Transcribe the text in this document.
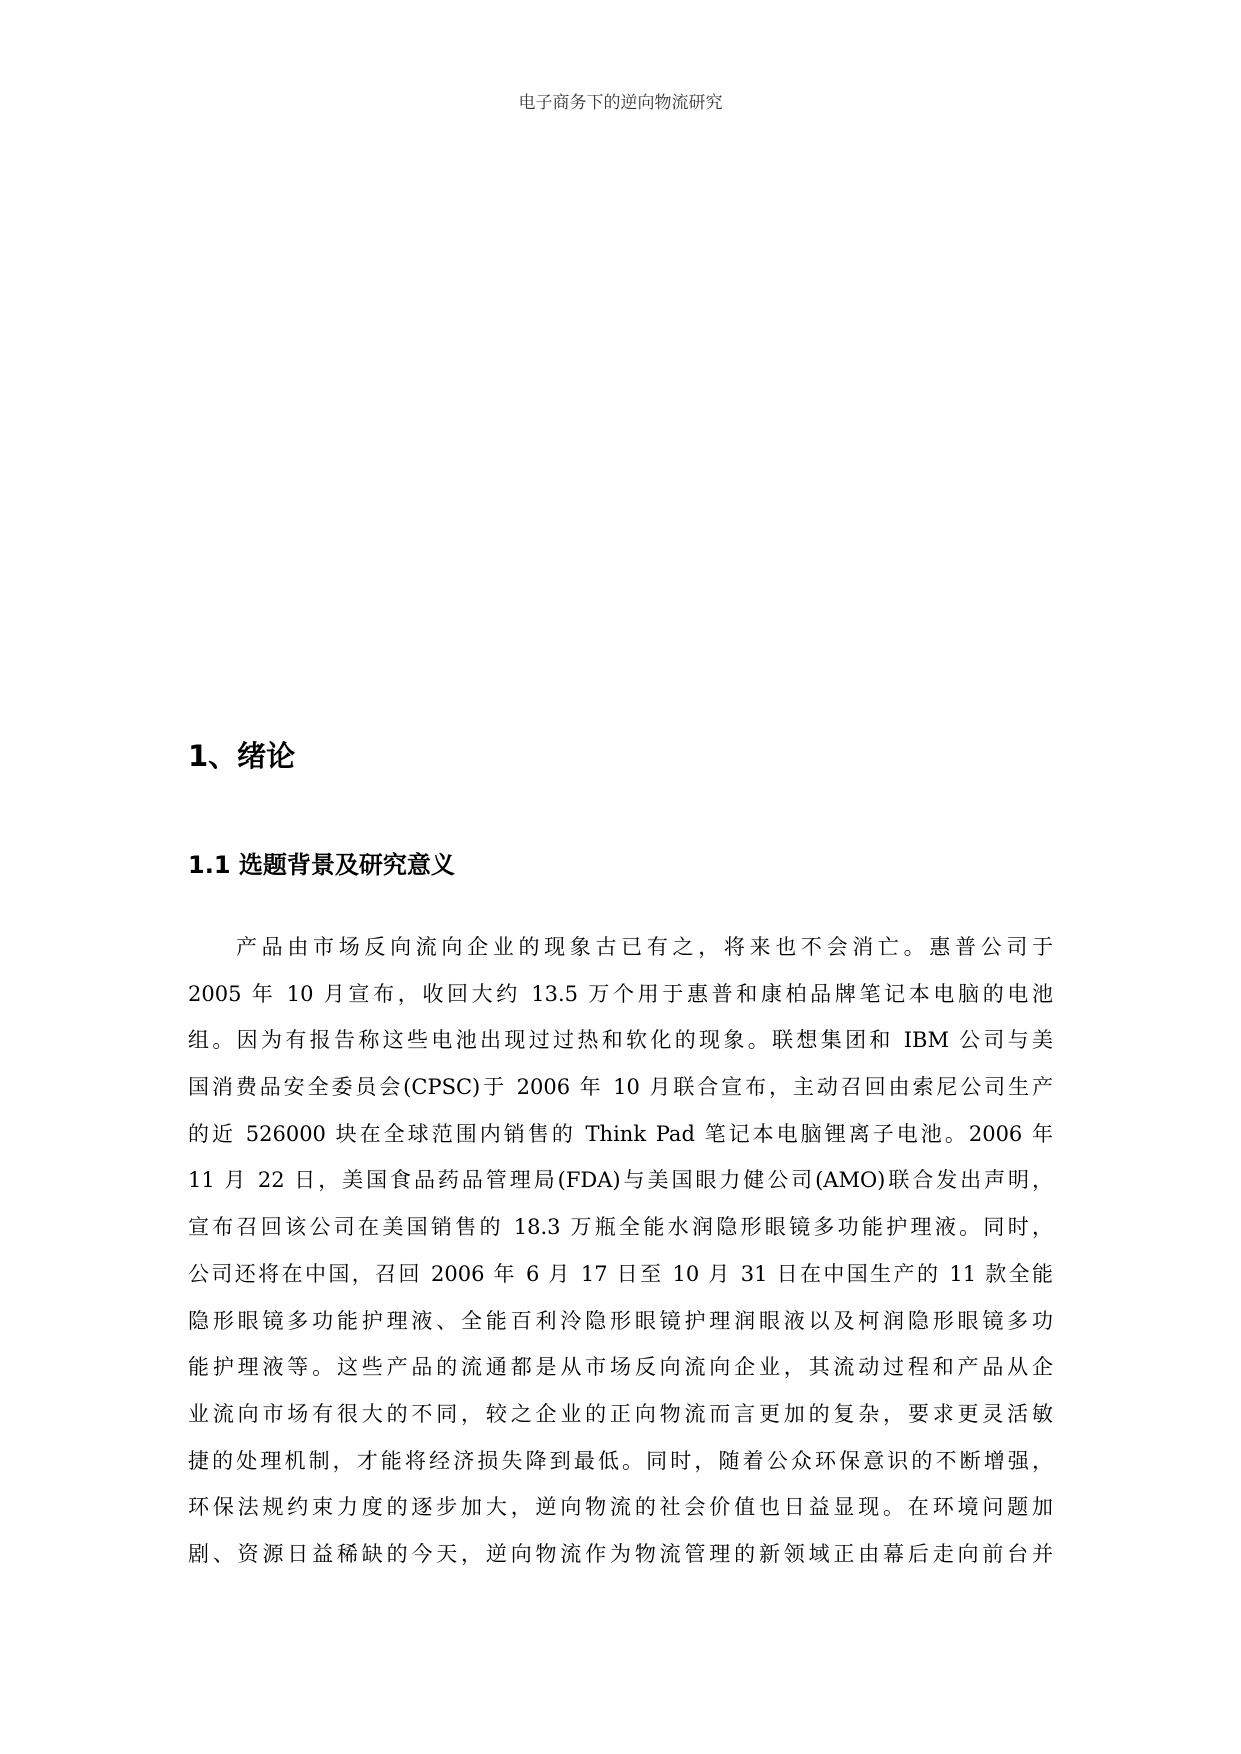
电子商务下的逆向物流研究
1、绪论
1.1 选题背景及研究意义
产品由市场反向流向企业的现象古已有之，将来也不会消亡。惠普公司于
2005 年 10 月宣布，收回大约 13.5 万个用于惠普和康柏品牌笔记本电脑的电池
组。因为有报告称这些电池出现过过热和软化的现象。联想集团和 IBM 公司与美
国消费品安全委员会(CPSC)于 2006 年 10 月联合宣布，主动召回由索尼公司生产
的近 526000 块在全球范围内销售的 Think Pad 笔记本电脑锂离子电池。2006 年
11 月 22 日，美国食品药品管理局(FDA)与美国眼力健公司(AMO)联合发出声明，
宣布召回该公司在美国销售的 18.3 万瓶全能水润隐形眼镜多功能护理液。同时，
公司还将在中国，召回 2006 年 6 月 17 日至 10 月 31 日在中国生产的 11 款全能
隐形眼镜多功能护理液、全能百利泠隐形眼镜护理润眼液以及柯润隐形眼镜多功
能护理液等。这些产品的流通都是从市场反向流向企业，其流动过程和产品从企
业流向市场有很大的不同，较之企业的正向物流而言更加的复杂，要求更灵活敏
捷的处理机制，才能将经济损失降到最低。同时，随着公众环保意识的不断增强，
环保法规约束力度的逐步加大，逆向物流的社会价值也日益显现。在环境问题加
剧、资源日益稀缺的今天，逆向物流作为物流管理的新领域正由幕后走向前台并
